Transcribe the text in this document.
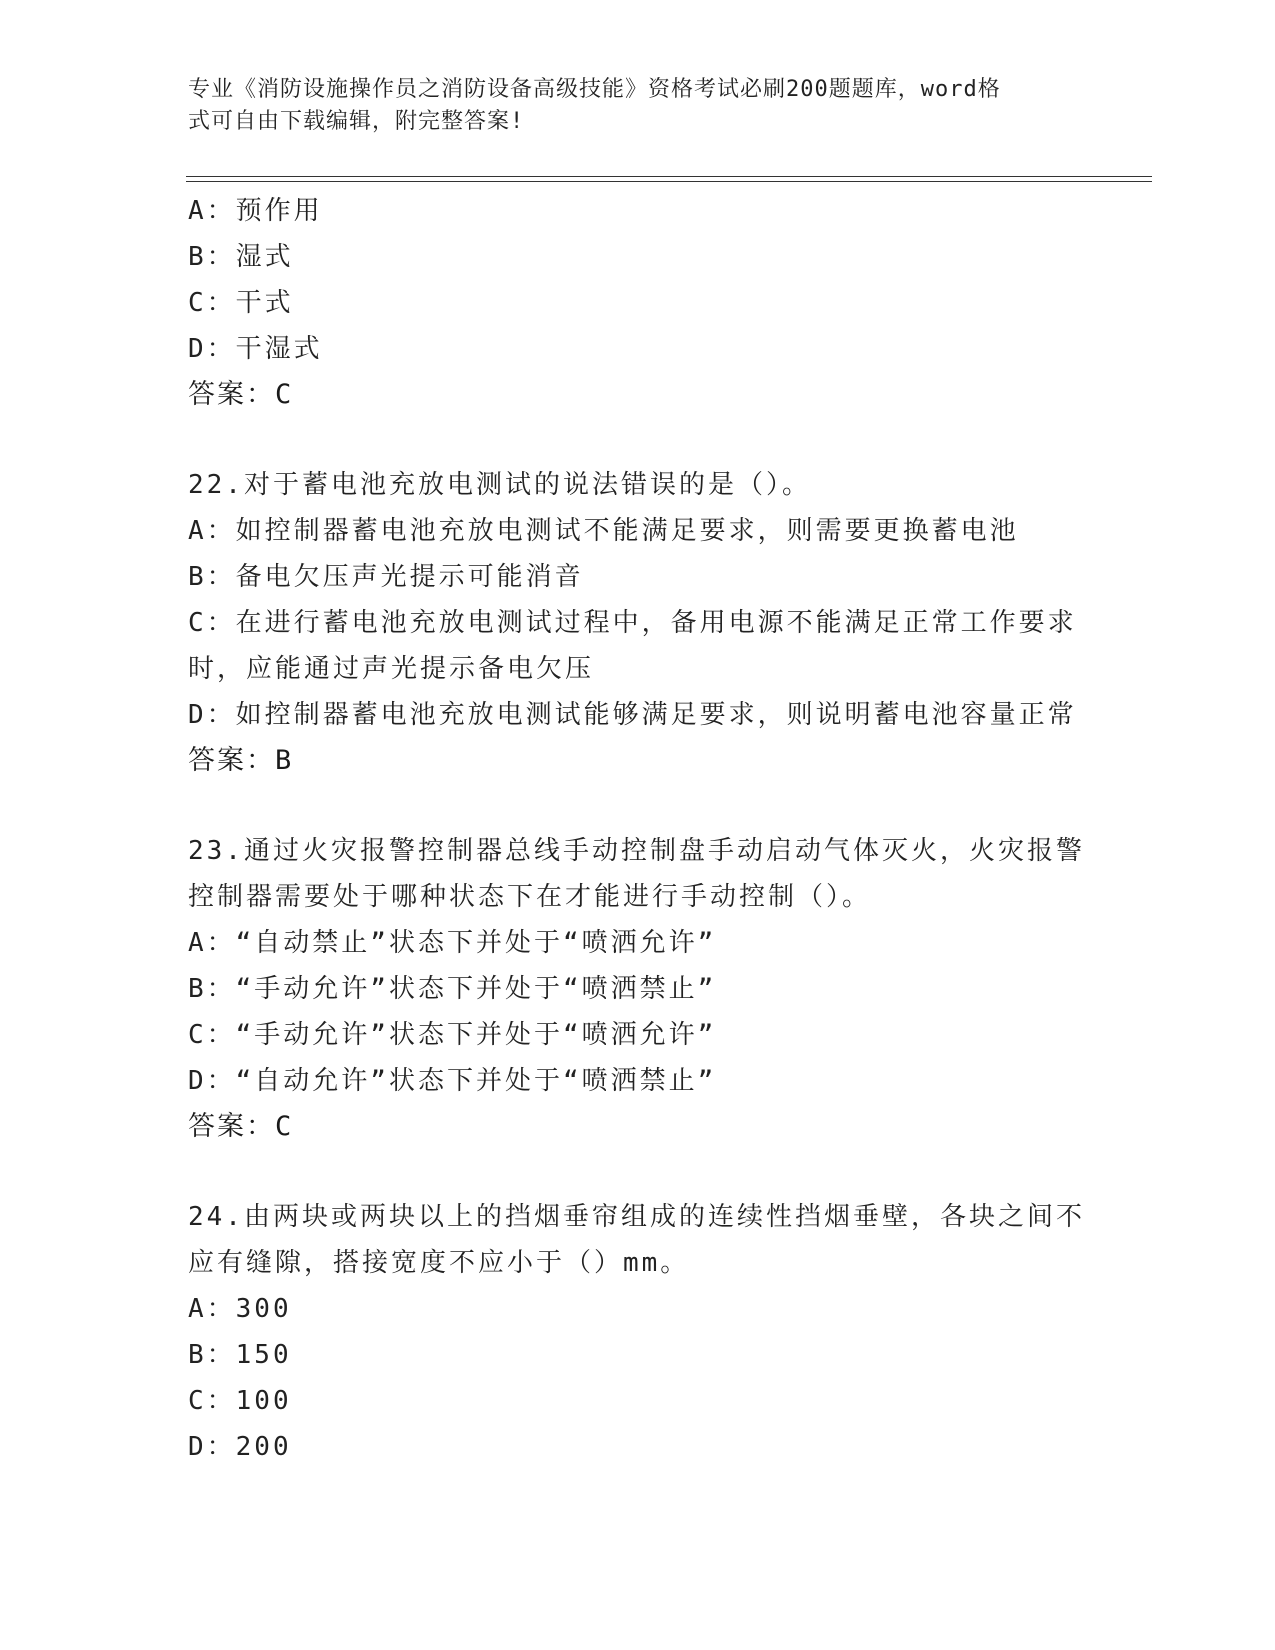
专业《消防设施操作员之消防设备高级技能》资格考试必刷200题题库，word格
式可自由下载编辑，附完整答案!
A：预作用
B：湿式
C：干式
D：干湿式
答案：C
22.对于蓄电池充放电测试的说法错误的是（）。
A：如控制器蓄电池充放电测试不能满足要求，则需要更换蓄电池
B：备电欠压声光提示可能消音
C：在进行蓄电池充放电测试过程中，备用电源不能满足正常工作要求
时，应能通过声光提示备电欠压
D：如控制器蓄电池充放电测试能够满足要求，则说明蓄电池容量正常
答案：B
23.通过火灾报警控制器总线手动控制盘手动启动气体灭火，火灾报警
控制器需要处于哪种状态下在才能进行手动控制（）。
A：“自动禁止”状态下并处于“喷洒允许”
B：“手动允许”状态下并处于“喷洒禁止”
C：“手动允许”状态下并处于“喷洒允许”
D：“自动允许”状态下并处于“喷洒禁止”
答案：C
24.由两块或两块以上的挡烟垂帘组成的连续性挡烟垂壁，各块之间不
应有缝隙，搭接宽度不应小于（）mm。
A：300
B：150
C：100
D：200
